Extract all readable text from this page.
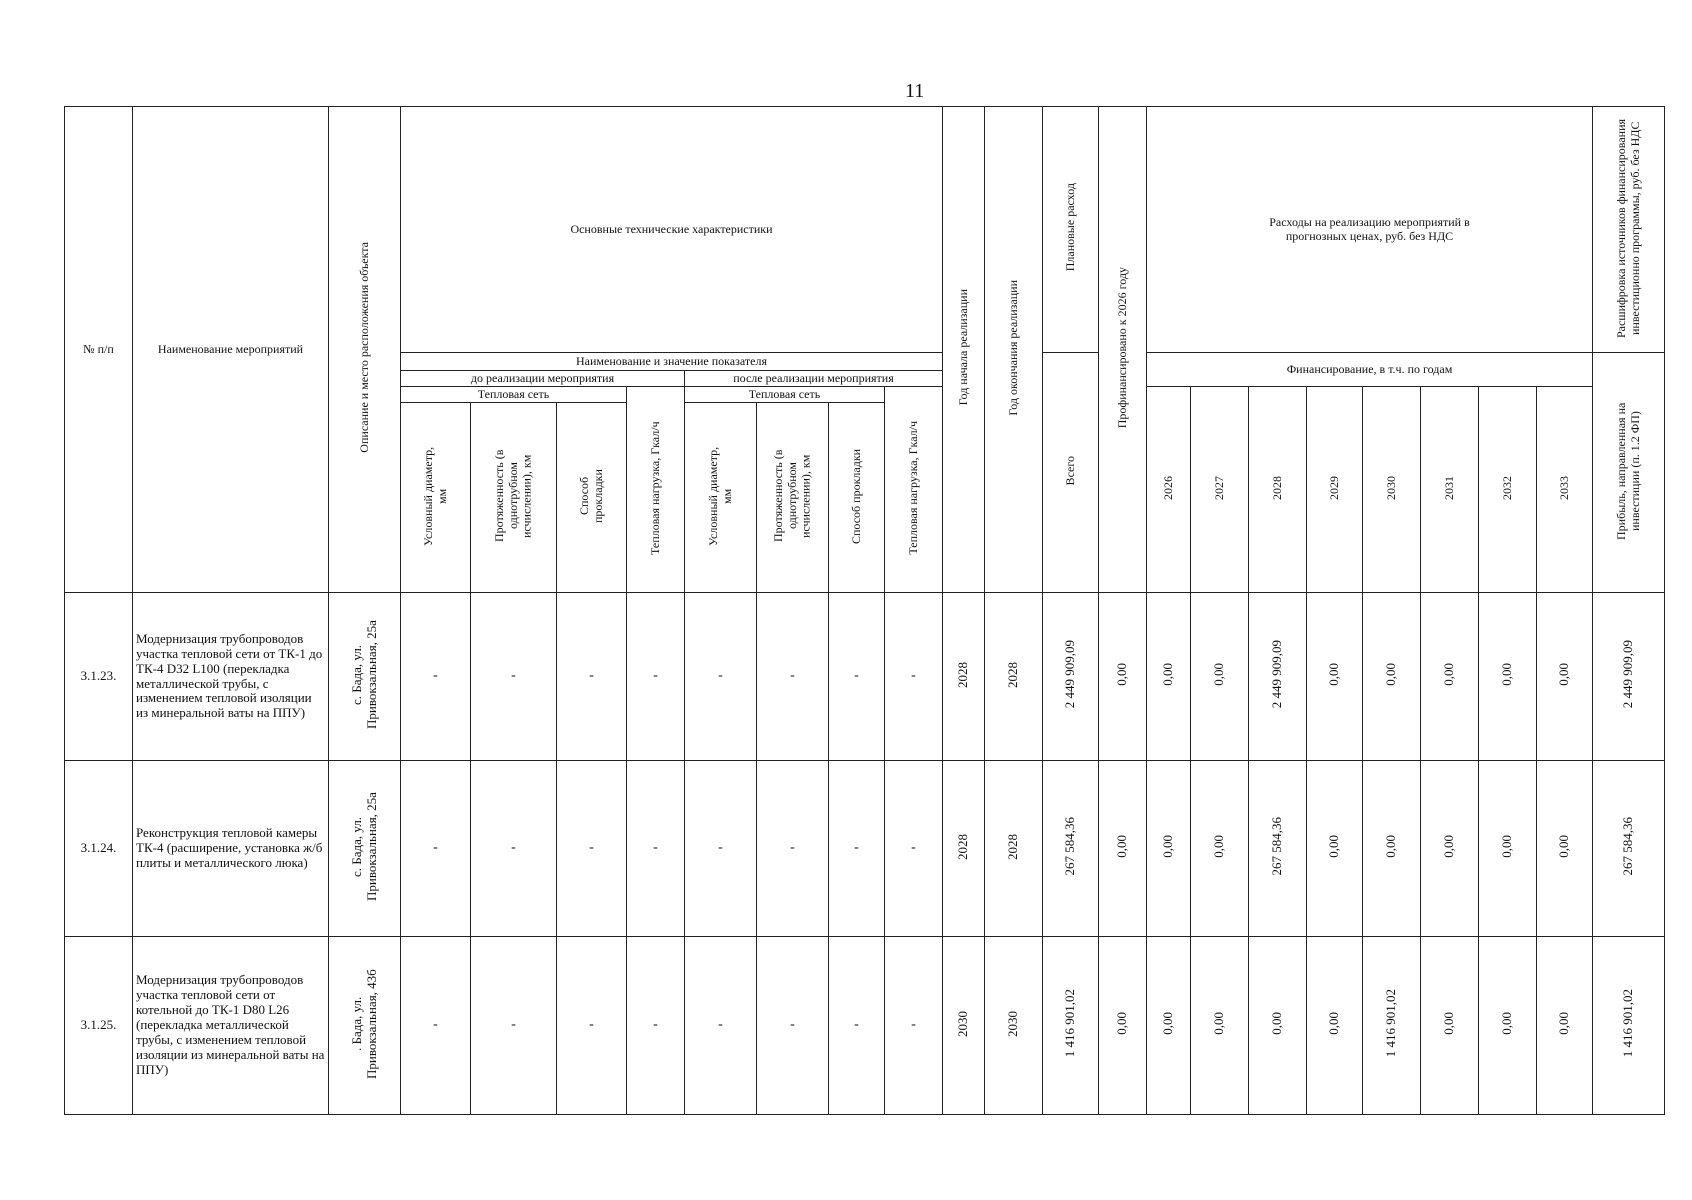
11
№ п/п	Наименование мероприятий	Описание и место расположения объекта	Основные технические характеристики								Год начала реализации	Год окончания реализации	Плановые расход	Профинансировано к 2026 году	Расходы на реализацию мероприятий в прогнозных ценах, руб. без НДС								Расшифровка источников финансирования инвестиционно программы, руб. без НДС
			Наименование и значение показателя										Всего		Финансирование, в т.ч. по годам								Прибыль, направленная на инвестиции (п. 1.2 ФП)
			до реализации мероприятия				после реализации мероприятия																
			Тепловая сеть			Тепловая нагрузка, Гкал/ч	Тепловая сеть			Тепловая нагрузка, Гкал/ч					2026	2027	2028	2029	2030	2031	2032	2033	
			Условный диаметр, мм	Протяженность (в однотрубном исчислении), км	Способ прокладки		Условный диаметр, мм	Протяженность (в однотрубном исчислении), км	Способ прокладки														
3.1.23.	Модернизация трубопроводов участка тепловой сети от ТК-1 до ТК-4 D32 L100 (перекладка металлической трубы, с изменением тепловой изоляции из минеральной ваты на ППУ)	с. Бада, ул. Привокзальная, 25а	-	-	-	-	-	-	-	-	2028	2028	2 449 909,09	0,00	0,00	0,00	2 449 909,09	0,00	0,00	0,00	0,00	0,00	2 449 909,09
3.1.24.	Реконструкция тепловой камеры ТК-4 (расширение, установка ж/б плиты и металлического люка)	с. Бада, ул. Привокзальная, 25а	-	-	-	-	-	-	-	-	2028	2028	267 584,36	0,00	0,00	0,00	267 584,36	0,00	0,00	0,00	0,00	0,00	267 584,36
3.1.25.	Модернизация трубопроводов участка тепловой сети от котельной до ТК-1 D80 L26 (перекладка металлической трубы, с изменением тепловой изоляции из минеральной ваты на ППУ)	. Бада, ул. Привокзальная, 43б	-	-	-	-	-	-	-	-	2030	2030	1 416 901,02	0,00	0,00	0,00	0,00	0,00	1 416 901,02	0,00	0,00	0,00	1 416 901,02
